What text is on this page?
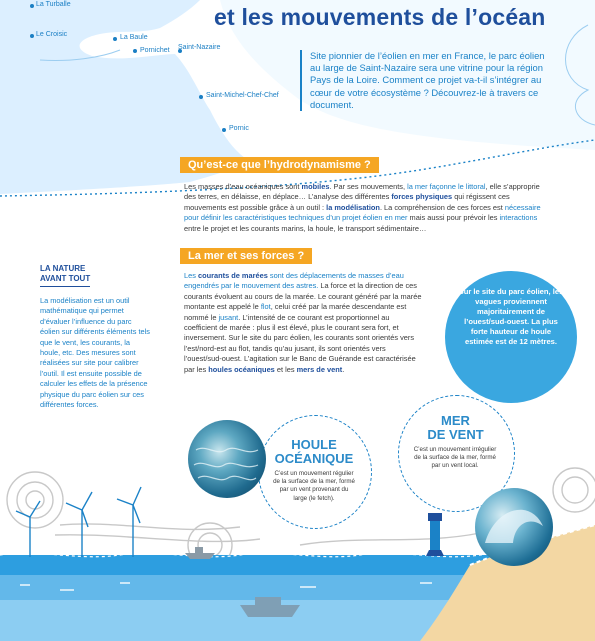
La Turballe
Le Croisic	La Baule
Pornichet Saint-Nazaire
Saint-Michel-Chef-Chef
Pornic
et les mouvements de l’océan
Site pionnier de l’éolien en mer en France, le parc éolien au large de Saint-Nazaire sera une vitrine pour la région Pays de la Loire. Comment ce projet va-t-il s’intégrer au cœur de votre écosystème ? Découvrez-le à travers ce document.
Qu’est-ce que l’hydrodynamisme ?
Les masses d’eau océaniques sont mobiles. Par ses mouvements, la mer façonne le littoral, elle s’approprie des terres, en délaisse, en déplace… L’analyse des différentes forces physiques qui régissent ces mouvements est possible grâce à un outil : la modélisation. La compréhension de ces forces est nécessaire pour définir les caractéristiques techniques d’un projet éolien en mer mais aussi pour prévoir les interactions entre le projet et les courants marins, la houle, le transport sédimentaire…
La mer et ses forces ?
Les courants de marées sont des déplacements de masses d’eau engendrés par le mouvement des astres. La force et la direction de ces courants évoluent au cours de la marée. Le courant généré par la marée montante est appelé le flot, celui créé par la marée descendante est nommé le jusant. L’intensité de ce courant est proportionnel au coefficient de marée : plus il est élevé, plus le courant sera fort, et inversement. Sur le site du parc éolien, les courants sont orientés vers l’est/nord-est au flot, tandis qu’au jusant, ils sont orientés vers l’ouest/sud-ouest. L’agitation sur le Banc de Guérande est caractérisée par les houles océaniques et les mers de vent.
LA NATURE
AVANT TOUT
La modélisation est un outil mathématique qui permet d’évaluer l’influence du parc éolien sur différents éléments tels que le vent, les courants, la houle, etc. Des mesures sont réalisées sur site pour calibrer l’outil. Il est ensuite possible de calculer les effets de la présence physique du parc éolien sur ces différentes forces.
Sur le site du parc éolien, les vagues proviennent majoritairement de l’ouest/sud-ouest. La plus forte hauteur de houle estimée est de 12 mètres.
HOULE
OCÉANIQUE
C’est un mouvement régulier de la surface de la mer, formé par un vent provenant du large (le fetch).
MER
DE VENT
C’est un mouvement irrégulier de la surface de la mer, formé par un vent local.
